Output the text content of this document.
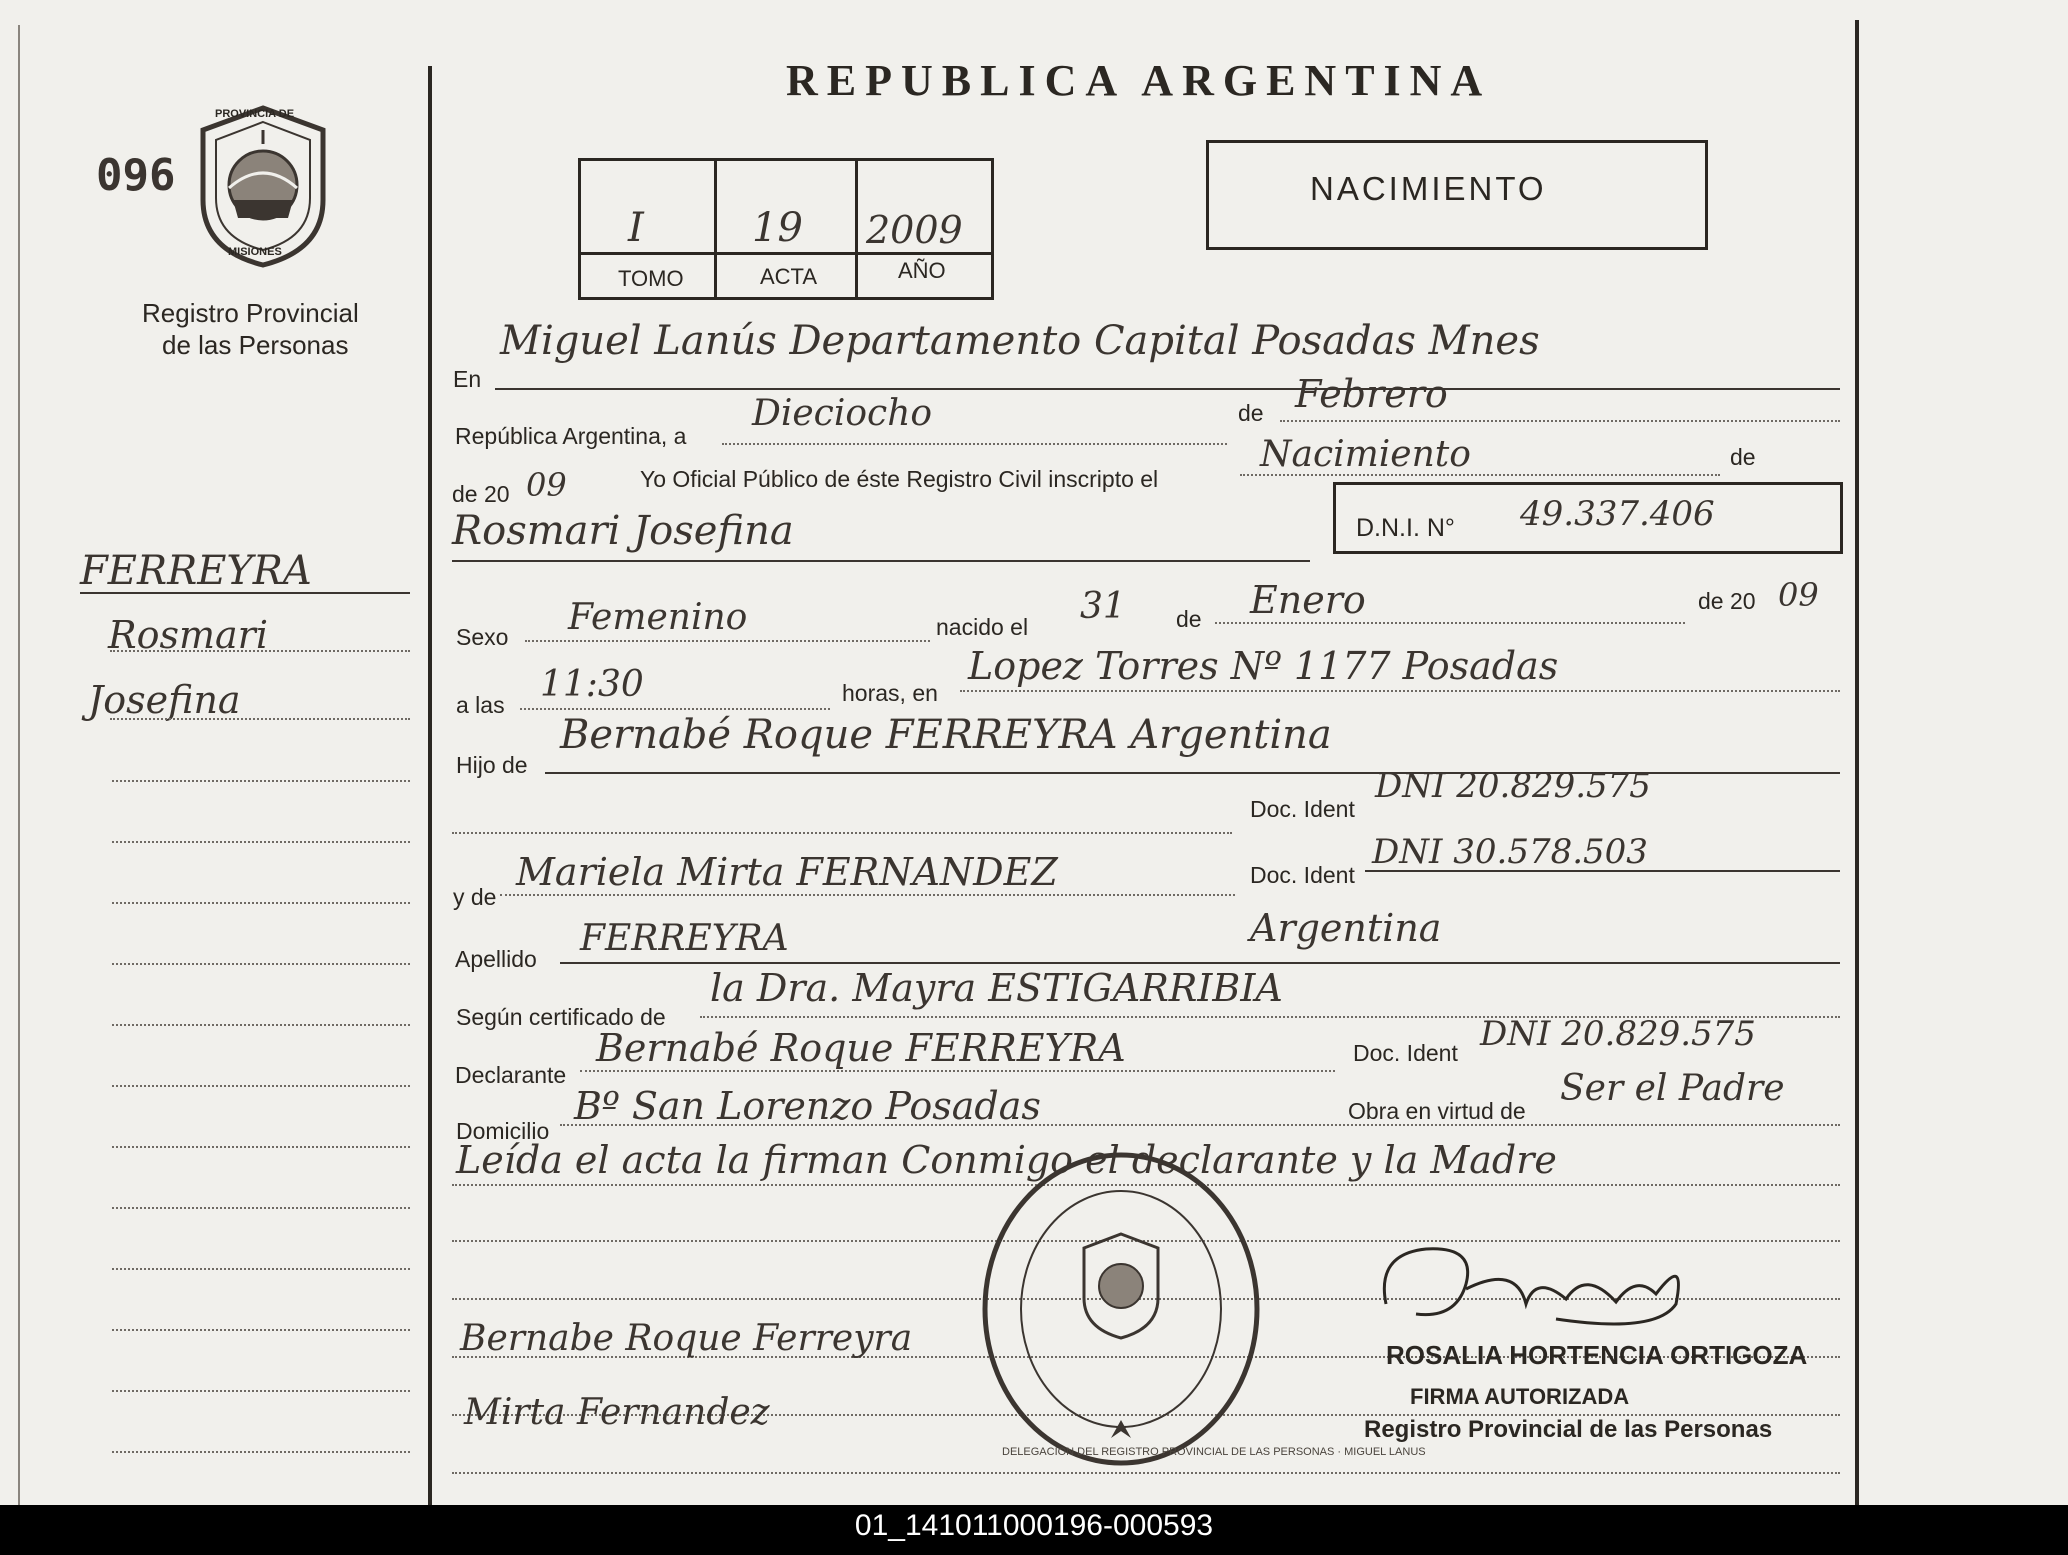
096
PROVINCIA DE
MISIONES
Registro Provincial
de las Personas
FERREYRA
Rosmari
Josefina
REPUBLICA ARGENTINA
I	19 2009
TOMO	ACTA	AÑO
NACIMIENTO
En
Miguel Lanús Departamento Capital Posadas Mnes
República Argentina, a
Dieciocho	de Febrero
de 20 09	Yo Oficial Público de éste Registro Civil inscripto el
Nacimiento	de
Rosmari Josefina	D.N.I. N° 49.337.406
Sexo Femenino	nacido el 31 de Enero	de 20 09
a las 11:30	horas, en
Lopez Torres Nº 1177 Posadas
Hijo de
Bernabé Roque FERREYRA Argentina
Doc. Ident
DNI 20.829.575
y de
Mariela Mirta FERNANDEZ	Doc. Ident
DNI 30.578.503
Apellido FERREYRA	Argentina
Según certificado de
la Dra. Mayra ESTIGARRIBIA
Declarante
Bernabé Roque FERREYRA	Doc. Ident DNI 20.829.575
Domicilio
Bº San Lorenzo Posadas	Obra en virtud de
Ser el Padre
Leída el acta la firman Conmigo el declarante y la Madre
Bernabe Roque Ferreyra
Mirta Fernandez
DELEGACION DEL REGISTRO PROVINCIAL DE LAS PERSONAS · MIGUEL LANUS
ROSALIA HORTENCIA ORTIGOZA
FIRMA AUTORIZADA
Registro Provincial de las Personas
01_141011000196-000593
